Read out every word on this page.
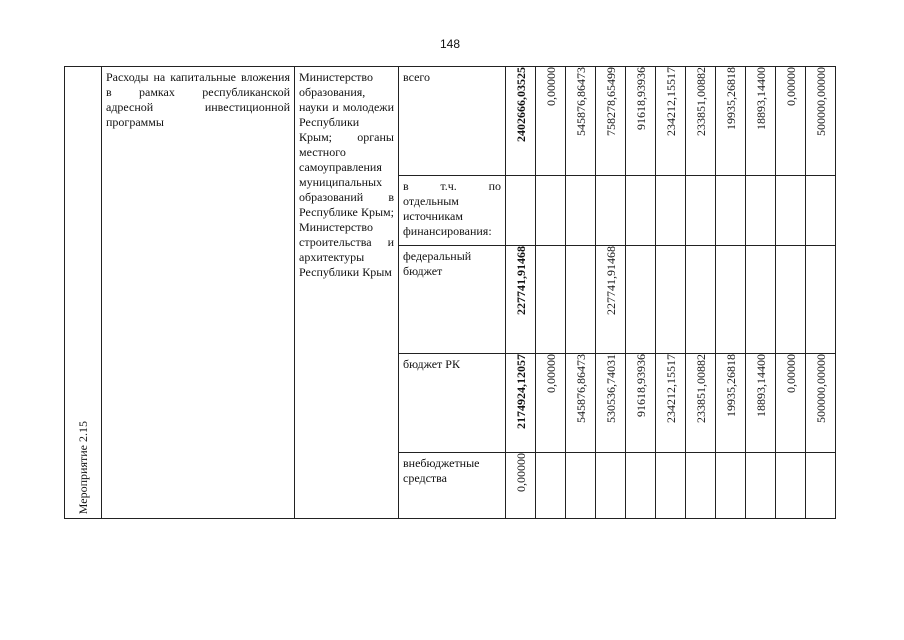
148
Мероприятие 2.15	Расходы на капитальные вложения в рамках республиканской адресной инвестиционной программы	Министерство образования, науки и молодежи Республики Крым; органы местного самоуправления муниципальных образований в Республике Крым; Министерство строительства и архитектуры Республики Крым	всего	2402666,03525	0,00000	545876,86473	758278,65499	91618,93936	234212,15517	233851,00882	19935,26818	18893,14400	0,00000	500000,00000

			в т.ч. по отдельным источникам финансирования:											

			федеральный бюджет	227741,91468			227741,91468							

			бюджет РК	2174924,12057	0,00000	545876,86473	530536,74031	91618,93936	234212,15517	233851,00882	19935,26818	18893,14400	0,00000	500000,00000

			внебюджетные средства	0,00000										
